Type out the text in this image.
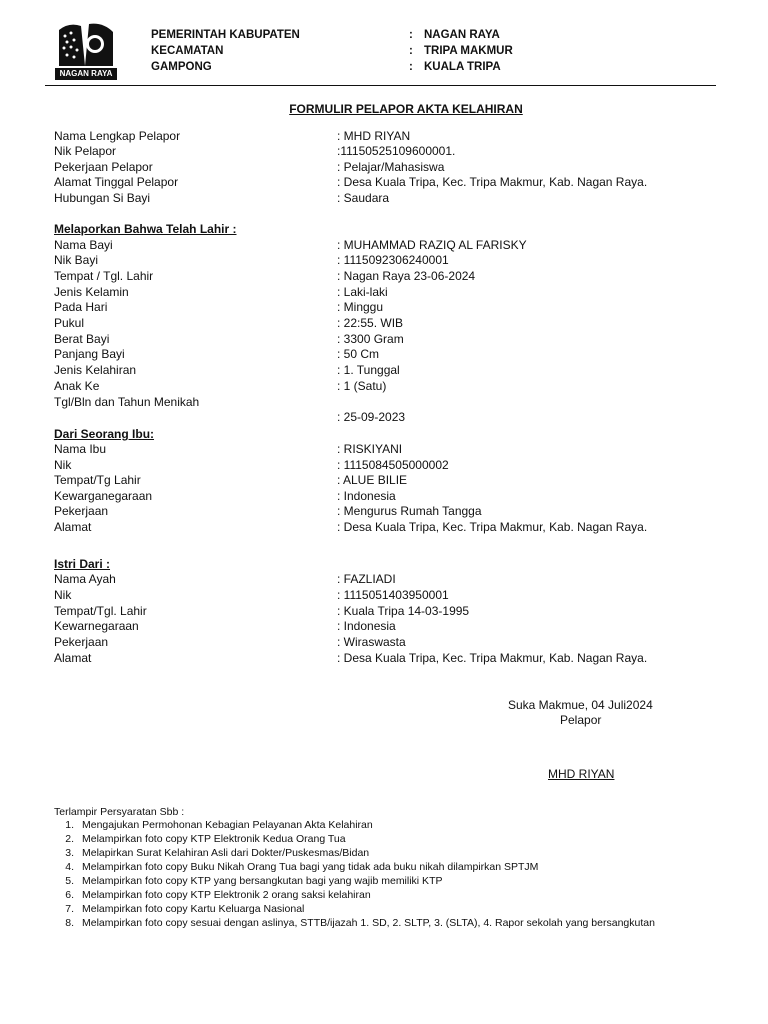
NAGAN RAYA
PEMERINTAH KABUPATEN	: NAGAN RAYA
KECAMATAN	: TRIPA MAKMUR
GAMPONG	: KUALA TRIPA
FORMULIR PELAPOR AKTA KELAHIRAN
Nama Lengkap Pelapor	: MHD RIYAN
Nik Pelapor	:11150525109600001.
Pekerjaan Pelapor	: Pelajar/Mahasiswa
Alamat Tinggal Pelapor	: Desa Kuala Tripa, Kec. Tripa Makmur, Kab. Nagan Raya.
Hubungan Si Bayi	: Saudara
Melaporkan Bahwa Telah Lahir :
Nama Bayi	: MUHAMMAD RAZIQ AL FARISKY
Nik Bayi	: 1115092306240001
Tempat / Tgl. Lahir	: Nagan Raya 23-06-2024
Jenis Kelamin	: Laki-laki
Pada Hari	: Minggu
Pukul	: 22:55. WIB
Berat Bayi	: 3300 Gram
Panjang Bayi	: 50 Cm
Jenis Kelahiran	: 1. Tunggal
Anak Ke	: 1 (Satu)
Tgl/Bln dan Tahun Menikah
: 25-09-2023
Dari Seorang Ibu:
Nama Ibu	: RISKIYANI
Nik	: 1115084505000002
Tempat/Tg Lahir	: ALUE BILIE
Kewarganegaraan	: Indonesia
Pekerjaan	: Mengurus Rumah Tangga
Alamat	: Desa Kuala Tripa, Kec. Tripa Makmur, Kab. Nagan Raya.
Istri Dari :
Nama Ayah	: FAZLIADI
Nik	: 1115051403950001
Tempat/Tgl. Lahir	: Kuala Tripa 14-03-1995
Kewarnegaraan	: Indonesia
Pekerjaan	: Wiraswasta
Alamat	: Desa Kuala Tripa, Kec. Tripa Makmur, Kab. Nagan Raya.
Suka Makmue, 04 Juli2024
Pelapor
MHD RIYAN
Terlampir Persyaratan Sbb :
1. Mengajukan Permohonan Kebagian Pelayanan Akta Kelahiran
2. Melampirkan foto copy KTP Elektronik Kedua Orang Tua
3. Melapirkan Surat Kelahiran Asli dari Dokter/Puskesmas/Bidan
4. Melampirkan foto copy Buku Nikah Orang Tua bagi yang tidak ada buku nikah dilampirkan SPTJM
5. Melampirkan foto copy KTP yang bersangkutan bagi yang wajib memiliki KTP
6. Melampirkan foto copy KTP Elektronik 2 orang saksi kelahiran
7. Melampirkan foto copy Kartu Keluarga Nasional
8. Melampirkan foto copy sesuai dengan aslinya, STTB/ijazah 1. SD, 2. SLTP, 3. (SLTA), 4. Rapor sekolah yang bersangkutan
